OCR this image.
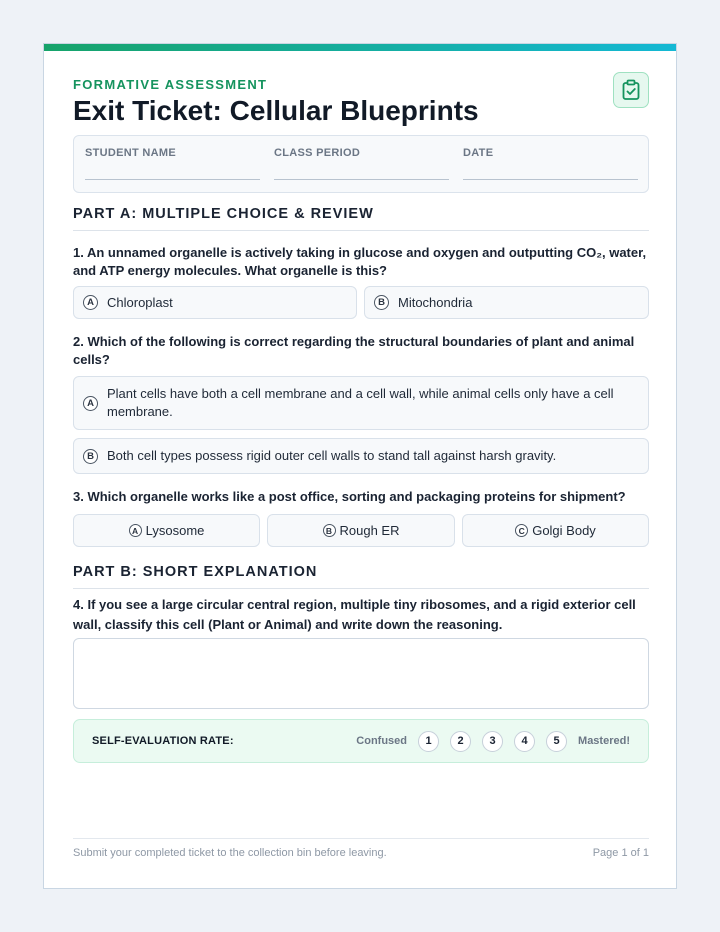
FORMATIVE ASSESSMENT
Exit Ticket: Cellular Blueprints
STUDENT NAME	CLASS PERIOD	DATE
PART A: MULTIPLE CHOICE & REVIEW
1. An unnamed organelle is actively taking in glucose and oxygen and outputting CO₂, water, and ATP energy molecules. What organelle is this?
A	Chloroplast	B	Mitochondria
2. Which of the following is correct regarding the structural boundaries of plant and animal cells?
A
Plant cells have both a cell membrane and a cell wall, while animal cells only have a cell membrane.
B	Both cell types possess rigid outer cell walls to stand tall against harsh gravity.
3. Which organelle works like a post office, sorting and packaging proteins for shipment?
A Lysosome	B Rough ER	C Golgi Body
PART B: SHORT EXPLANATION
4. If you see a large circular central region, multiple tiny ribosomes, and a rigid exterior cell wall, classify this cell (Plant or Animal) and write down the reasoning.
SELF-EVALUATION RATE:	Confused	1	2	3	4	5	Mastered!
Submit your completed ticket to the collection bin before leaving.	Page 1 of 1
